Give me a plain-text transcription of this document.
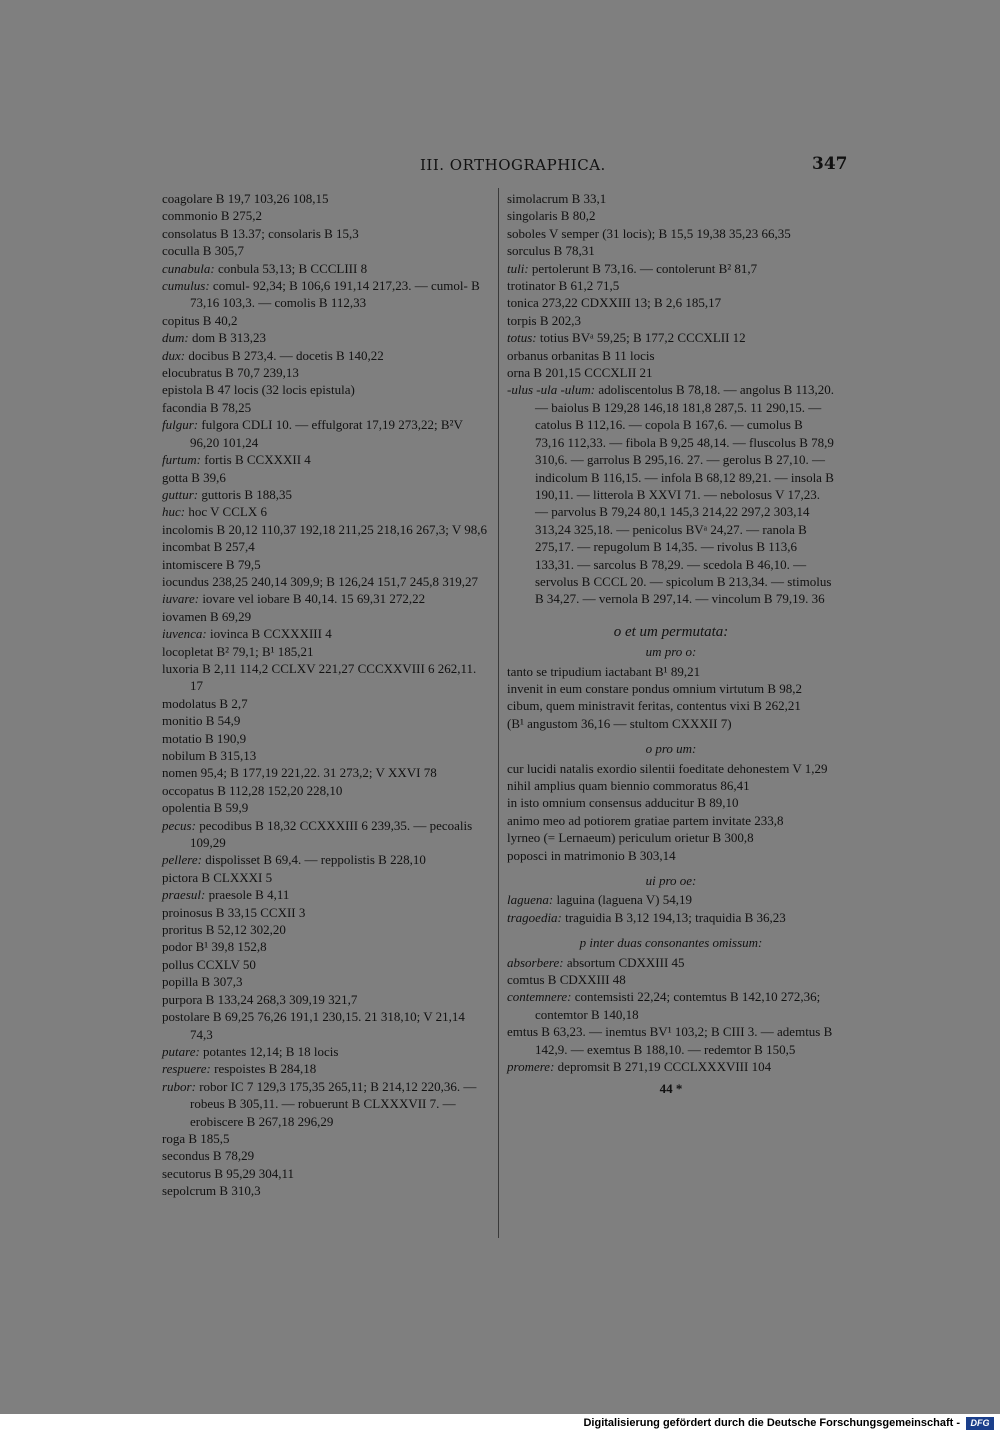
III. ORTHOGRAPHICA.	347
coagolare B 19,7 103,26 108,15
commonio B 275,2
consolatus B 13.37; consolaris B 15,3
coculla B 305,7
cunabula: conbula 53,13; B CCCLIII 8
cumulus: comul- 92,34; B 106,6 191,14 217,23. — cumol- B 73,16 103,3. — comolis B 112,33
copitus B 40,2
dum: dom B 313,23
dux: docibus B 273,4. — docetis B 140,22
elocubratus B 70,7 239,13
epistola B 47 locis (32 locis epistula)
facondia B 78,25
fulgur: fulgora CDLI 10. — effulgorat 17,19 273,22; B²V 96,20 101,24
furtum: fortis B CCXXXII 4
gotta B 39,6
guttur: guttoris B 188,35
huc: hoc V CCLX 6
incolomis B 20,12 110,37 192,18 211,25 218,16 267,3; V 98,6
incombat B 257,4
intomiscere B 79,5
iocundus 238,25 240,14 309,9; B 126,24 151,7 245,8 319,27
iuvare: iovare vel iobare B 40,14. 15 69,31 272,22
iovamen B 69,29
iuvenca: iovinca B CCXXXIII 4
locopletat B² 79,1; B¹ 185,21
luxoria B 2,11 114,2 CCLXV 221,27 CCCXXVIII 6 262,11. 17
modolatus B 2,7
monitio B 54,9
motatio B 190,9
nobilum B 315,13
nomen 95,4; B 177,19 221,22. 31 273,2; V XXVI 78
occopatus B 112,28 152,20 228,10
opolentia B 59,9
pecus: pecodibus B 18,32 CCXXXIII 6 239,35. — pecoalis 109,29
pellere: dispolisset B 69,4. — reppolistis B 228,10
pictora B CLXXXI 5
praesul: praesole B 4,11
proinosus B 33,15 CCXII 3
proritus B 52,12 302,20
podor B¹ 39,8 152,8
pollus CCXLV 50
popilla B 307,3
purpora B 133,24 268,3 309,19 321,7
postolare B 69,25 76,26 191,1 230,15. 21 318,10; V 21,14 74,3
putare: potantes 12,14; B 18 locis
respuere: respoistes B 284,18
rubor: robor IC 7 129,3 175,35 265,11; B 214,12 220,36. — robeus B 305,11. — robuerunt B CLXXXVII 7. — erobiscere B 267,18 296,29
roga B 185,5
secondus B 78,29
secutorus B 95,29 304,11
sepolcrum B 310,3
simolacrum B 33,1
singolaris B 80,2
soboles V semper (31 locis); B 15,5 19,38 35,23 66,35
sorculus B 78,31
tuli: pertolerunt B 73,16. — contolerunt B² 81,7
trotinator B 61,2 71,5
tonica 273,22 CDXXIII 13; B 2,6 185,17
torpis B 202,3
totus: totius BVᵃ 59,25; B 177,2 CCCXLII 12
orbanus orbanitas B 11 locis
orna B 201,15 CCCXLII 21
-ulus -ula -ulum: adoliscentolus B 78,18. — angolus B 113,20. — baiolus B 129,28 146,18 181,8 287,5. 11 290,15. — catolus B 112,16. — copola B 167,6. — cumolus B 73,16 112,33. — fibola B 9,25 48,14. — fluscolus B 78,9 310,6. — garrolus B 295,16. 27. — gerolus B 27,10. — indicolum B 116,15. — infola B 68,12 89,21. — insola B 190,11. — litterola B XXVI 71. — nebolosus V 17,23. — parvolus B 79,24 80,1 145,3 214,22 297,2 303,14 313,24 325,18. — penicolus BVᵃ 24,27. — ranola B 275,17. — repugolum B 14,35. — rivolus B 113,6 133,31. — sarcolus B 78,29. — scedola B 46,10. — servolus B CCCL 20. — spicolum B 213,34. — stimolus B 34,27. — vernola B 297,14. — vincolum B 79,19. 36
o et um permutata:
um pro o:
tanto se tripudium iactabant B¹ 89,21
invenit in eum constare pondus omnium virtutum B 98,2
cibum, quem ministravit feritas, contentus vixi B 262,21
(B¹ angustom 36,16 — stultom CXXXII 7)
o pro um:
cur lucidi natalis exordio silentii foeditate dehonestem V 1,29
nihil amplius quam biennio commoratus 86,41
in isto omnium consensus adducitur B 89,10
animo meo ad potiorem gratiae partem invitate 233,8
lyrneo (= Lernaeum) periculum orietur B 300,8
poposci in matrimonio B 303,14
ui pro oe:
laguena: laguina (laguena V) 54,19
tragoedia: traguidia B 3,12 194,13; traquidia B 36,23
p inter duas consonantes omissum:
absorbere: absortum CDXXIII 45
comtus B CDXXIII 48
contemnere: contemsisti 22,24; contemtus B 142,10 272,36; contemtor B 140,18
emtus B 63,23. — inemtus BV¹ 103,2; B CIII 3. — ademtus B 142,9. — exemtus B 188,10. — redemtor B 150,5
promere: depromsit B 271,19 CCCLXXXVIII 104
44 *
Digitalisierung gefördert durch die Deutsche Forschungsgemeinschaft -	DFG
